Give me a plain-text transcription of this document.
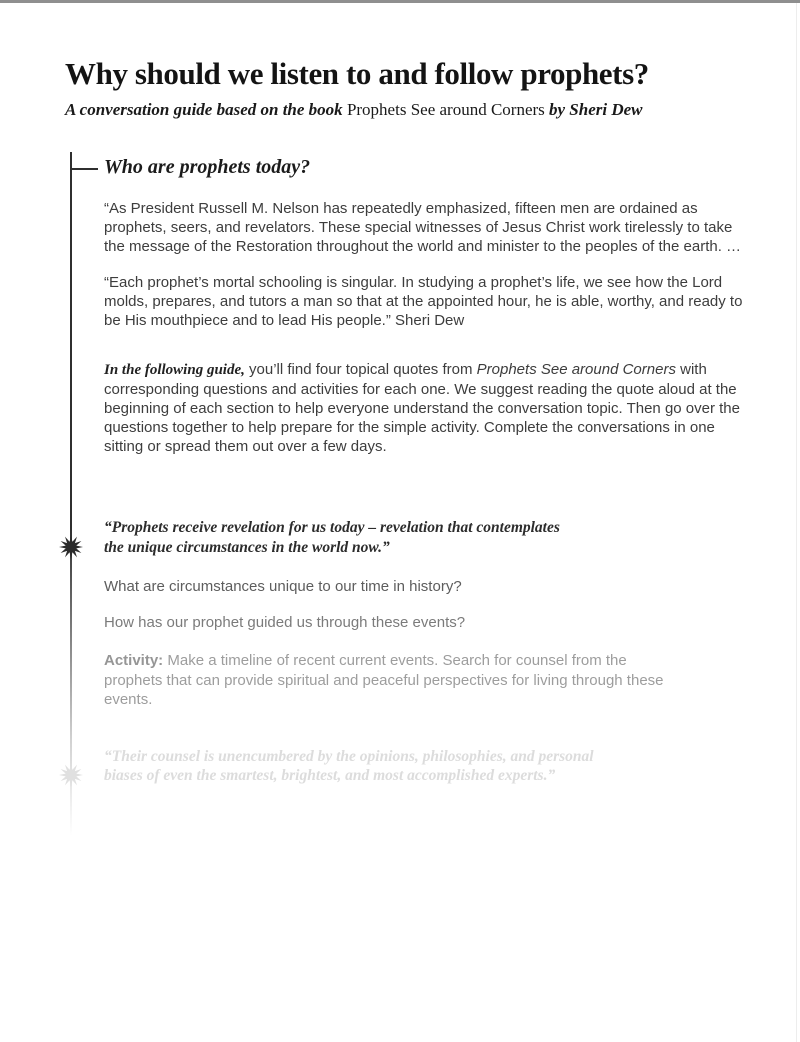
Why should we listen to and follow prophets?

A conversation guide based on the book Prophets See around Corners by Sheri Dew

Who are prophets today?

“As President Russell M. Nelson has repeatedly emphasized, fifteen men are ordained as prophets, seers, and revelators. These special witnesses of Jesus Christ work tirelessly to take the message of the Restoration throughout the world and minister to the peoples of the earth. …

“Each prophet’s mortal schooling is singular. In studying a prophet’s life, we see how the Lord molds, prepares, and tutors a man so that at the appointed hour, he is able, worthy, and ready to be His mouthpiece and to lead His people.” Sheri Dew

In the following guide, you’ll find four topical quotes from Prophets See around Corners with corresponding questions and activities for each one. We suggest reading the quote aloud at the beginning of each section to help everyone understand the conversation topic. Then go over the questions together to help prepare for the simple activity. Complete the conversations in one sitting or spread them out over a few days.

“Prophets receive revelation for us today – revelation that contemplates
the unique circumstances in the world now.”

What are circumstances unique to our time in history?

How has our prophet guided us through these events?

Activity: Make a timeline of recent current events. Search for counsel from the prophets that can provide spiritual and peaceful perspectives for living through these events.

“Their counsel is unencumbered by the opinions, philosophies, and personal
biases of even the smartest, brightest, and most accomplished experts.”
